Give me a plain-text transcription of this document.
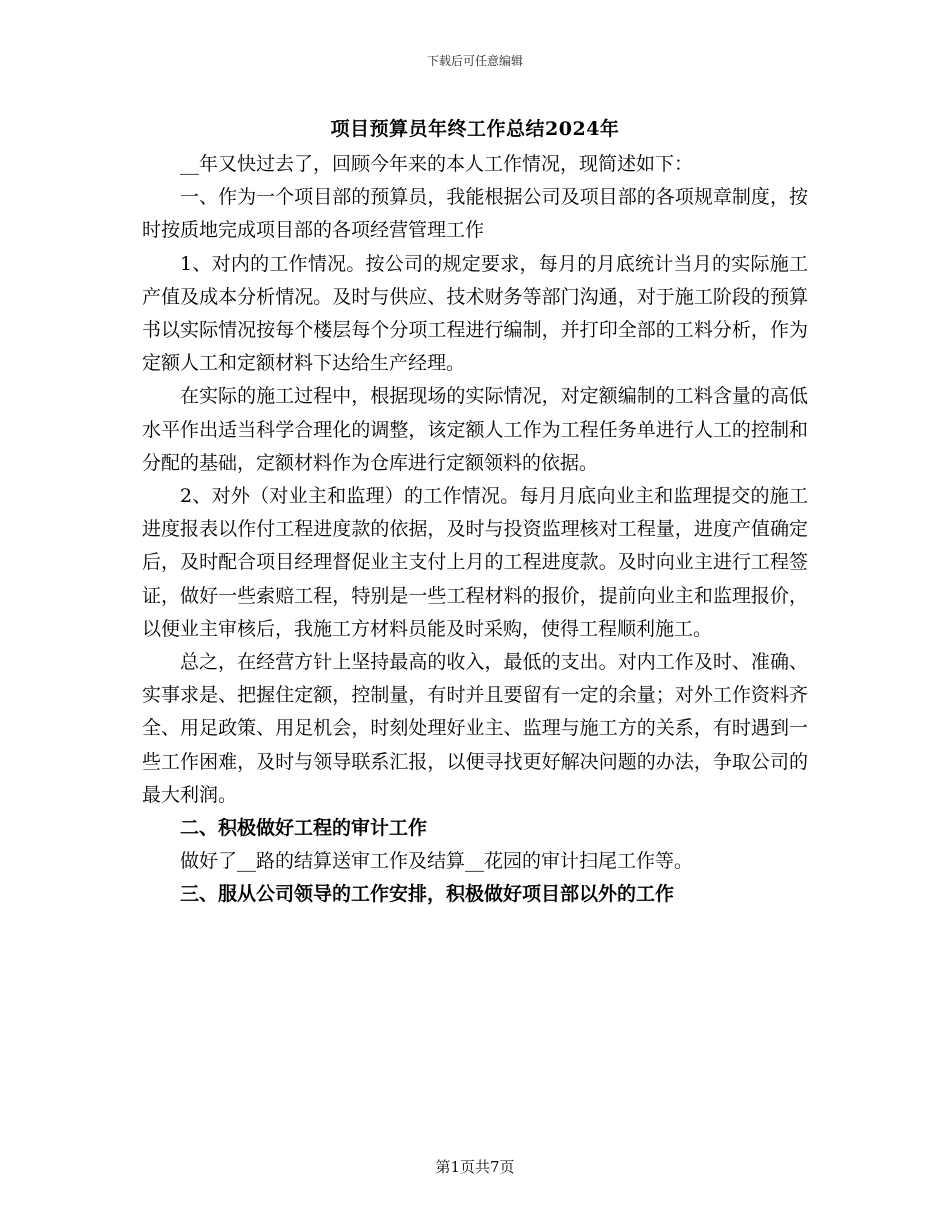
下载后可任意编辑
项目预算员年终工作总结2024年

__年又快过去了，回顾今年来的本人工作情况，现简述如下：

一、作为一个项目部的预算员，我能根据公司及项目部的各项规章制度，按时按质地完成项目部的各项经营管理工作

1、对内的工作情况。按公司的规定要求，每月的月底统计当月的实际施工产值及成本分析情况。及时与供应、技术财务等部门沟通，对于施工阶段的预算书以实际情况按每个楼层每个分项工程进行编制，并打印全部的工料分析，作为定额人工和定额材料下达给生产经理。

在实际的施工过程中，根据现场的实际情况，对定额编制的工料含量的高低水平作出适当科学合理化的调整，该定额人工作为工程任务单进行人工的控制和分配的基础，定额材料作为仓库进行定额领料的依据。

2、对外（对业主和监理）的工作情况。每月月底向业主和监理提交的施工进度报表以作付工程进度款的依据，及时与投资监理核对工程量，进度产值确定后，及时配合项目经理督促业主支付上月的工程进度款。及时向业主进行工程签证，做好一些索赔工程，特别是一些工程材料的报价，提前向业主和监理报价，以便业主审核后，我施工方材料员能及时采购，使得工程顺利施工。

总之，在经营方针上坚持最高的收入，最低的支出。对内工作及时、准确、实事求是、把握住定额，控制量，有时并且要留有一定的余量；对外工作资料齐全、用足政策、用足机会，时刻处理好业主、监理与施工方的关系，有时遇到一些工作困难，及时与领导联系汇报，以便寻找更好解决问题的办法，争取公司的最大利润。

二、积极做好工程的审计工作

做好了__路的结算送审工作及结算__花园的审计扫尾工作等。

三、服从公司领导的工作安排，积极做好项目部以外的工作

第1页共7页
